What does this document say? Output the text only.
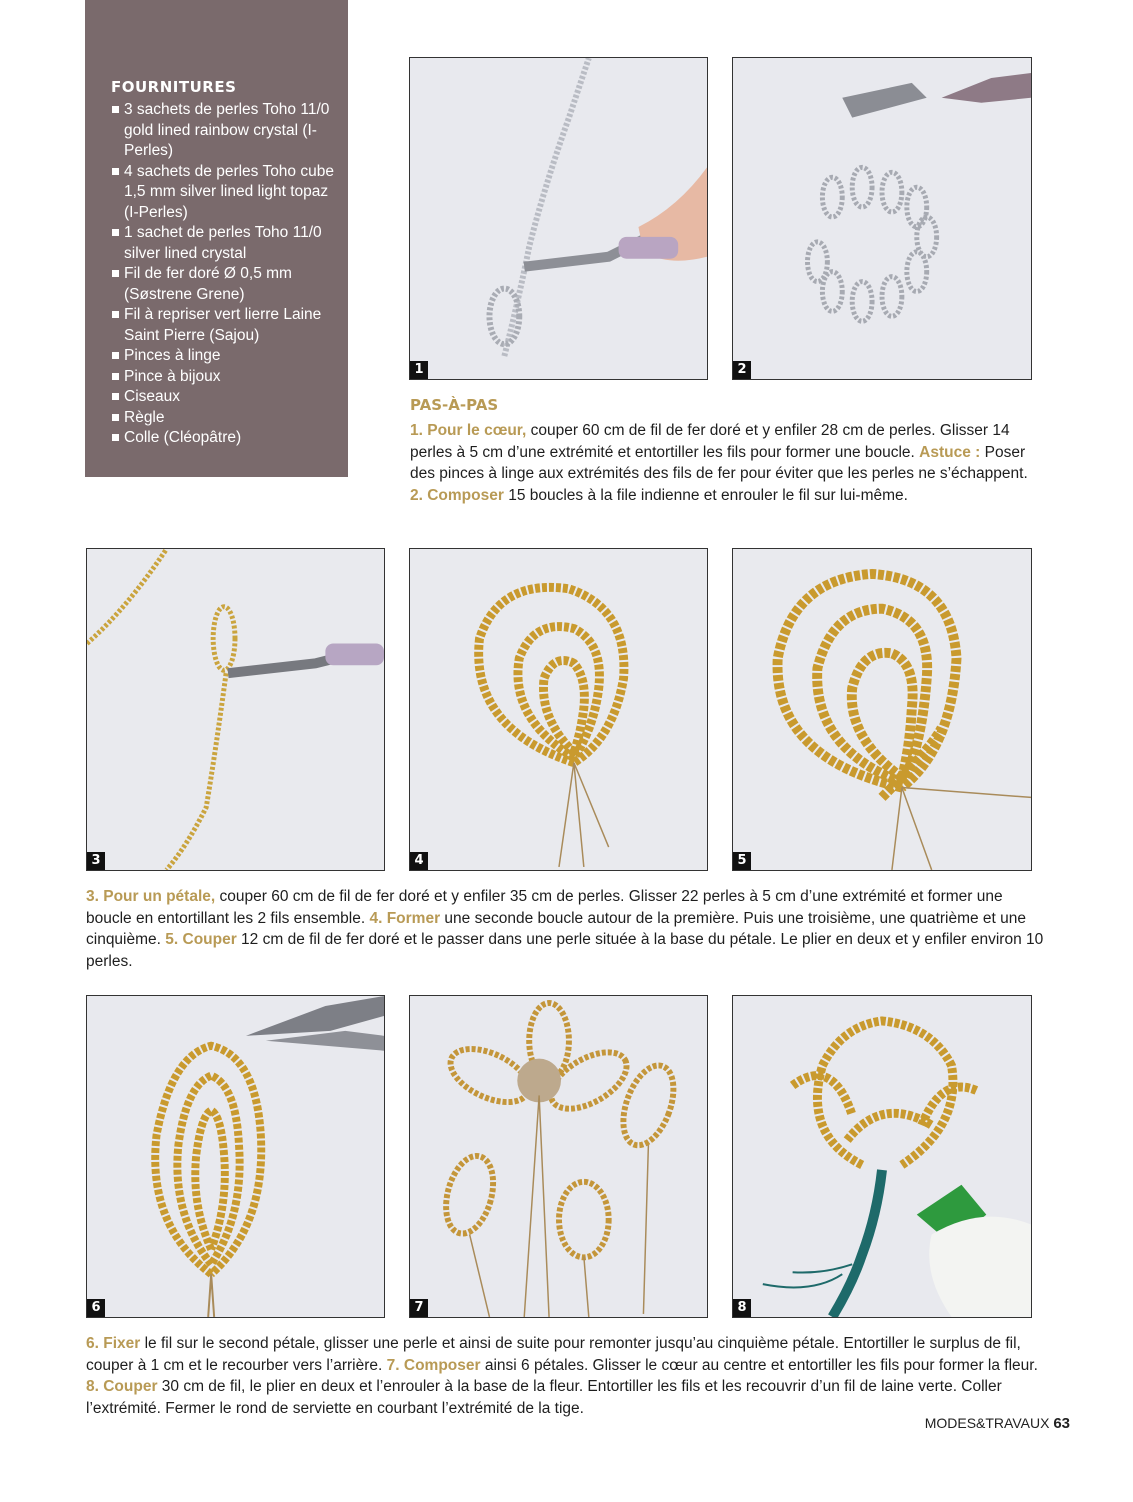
FOURNITURES
3 sachets de perles Toho 11/0 gold lined rainbow crystal (I-Perles)
4 sachets de perles Toho cube 1,5 mm silver lined light topaz (I-Perles)
1 sachet de perles Toho 11/0 silver lined crystal
Fil de fer doré Ø 0,5 mm (Søstrene Grene)
Fil à repriser vert lierre Laine Saint Pierre (Sajou)
Pinces à linge
Pince à bijoux
Ciseaux
Règle
Colle (Cléopâtre)
1	2
PAS-À-PAS
1. Pour le cœur, couper 60 cm de fil de fer doré et y enfiler 28 cm de perles. Glisser 14 perles à 5 cm d’une extrémité et entortiller les fils pour former une boucle. Astuce : Poser des pinces à linge aux extrémités des fils de fer pour éviter que les perles ne s’échappent. 2. Composer 15 boucles à la file indienne et enrouler le fil sur lui-même.
3	4	5
3. Pour un pétale, couper 60 cm de fil de fer doré et y enfiler 35 cm de perles. Glisser 22 perles à 5 cm d’une extrémité et former une boucle en entortillant les 2 fils ensemble. 4. Former une seconde boucle autour de la première. Puis une troisième, une quatrième et une cinquième. 5. Couper 12 cm de fil de fer doré et le passer dans une perle située à la base du pétale. Le plier en deux et y enfiler environ 10 perles.
6	7	8
6. Fixer le fil sur le second pétale, glisser une perle et ainsi de suite pour remonter jusqu’au cinquième pétale. Entortiller le surplus de fil, couper à 1 cm et le recourber vers l’arrière. 7. Composer ainsi 6 pétales. Glisser le cœur au centre et entortiller les fils pour former la fleur. 8. Couper 30 cm de fil, le plier en deux et l’enrouler à la base de la fleur. Entortiller les fils et les recouvrir d’un fil de laine verte. Coller l’extrémité. Fermer le rond de serviette en courbant l’extrémité de la tige.
MODES&TRAVAUX 63
